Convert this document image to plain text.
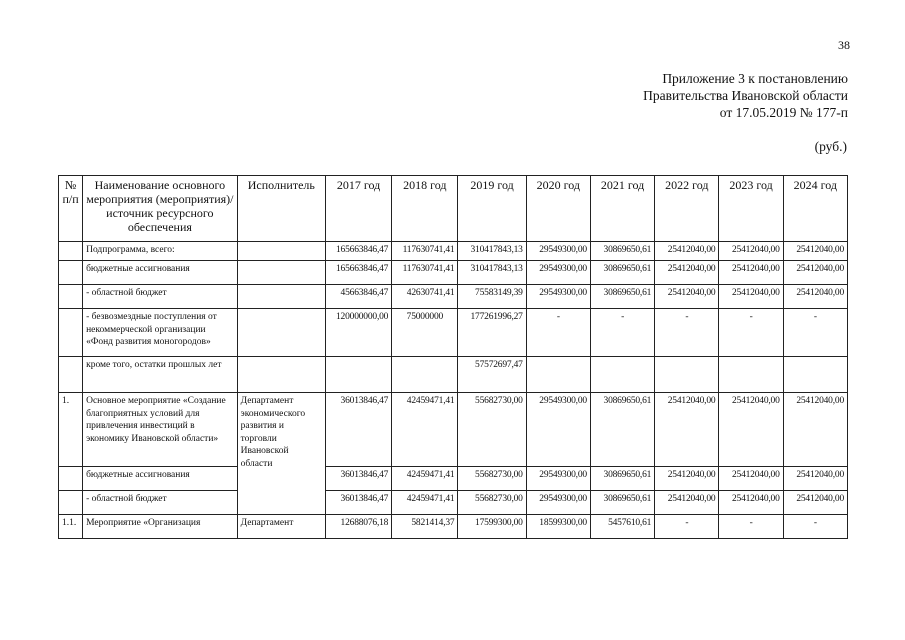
38
Приложение 3 к постановлению
Правительства Ивановской области
от 17.05.2019 № 177-п
(руб.)
№ п/п	Наименование основного мероприятия (мероприятия)/источник ресурсного обеспечения	Исполнитель	2017 год	2018 год	2019 год	2020 год	2021 год	2022 год	2023 год	2024 год
	Подпрограмма, всего:		165663846,47	117630741,41	310417843,13	29549300,00	30869650,61	25412040,00	25412040,00	25412040,00
	бюджетные ассигнования		165663846,47	117630741,41	310417843,13	29549300,00	30869650,61	25412040,00	25412040,00	25412040,00
	- областной бюджет		45663846,47	42630741,41	75583149,39	29549300,00	30869650,61	25412040,00	25412040,00	25412040,00
	- безвозмездные поступления от некоммерческой организации «Фонд развития моногородов»		120000000,00	75000000	177261996,27	-	-	-	-	-
	кроме того, остатки прошлых лет				57572697,47					
1.	Основное мероприятие «Создание благоприятных условий для привлечения инвестиций в экономику Ивановской области»	Департамент экономического развития и торговли Ивановской области	36013846,47	42459471,41	55682730,00	29549300,00	30869650,61	25412040,00	25412040,00	25412040,00
	бюджетные ассигнования		36013846,47	42459471,41	55682730,00	29549300,00	30869650,61	25412040,00	25412040,00	25412040,00
	- областной бюджет		36013846,47	42459471,41	55682730,00	29549300,00	30869650,61	25412040,00	25412040,00	25412040,00
1.1.	Мероприятие «Организация	Департамент	12688076,18	5821414,37	17599300,00	18599300,00	5457610,61	-	-	-
